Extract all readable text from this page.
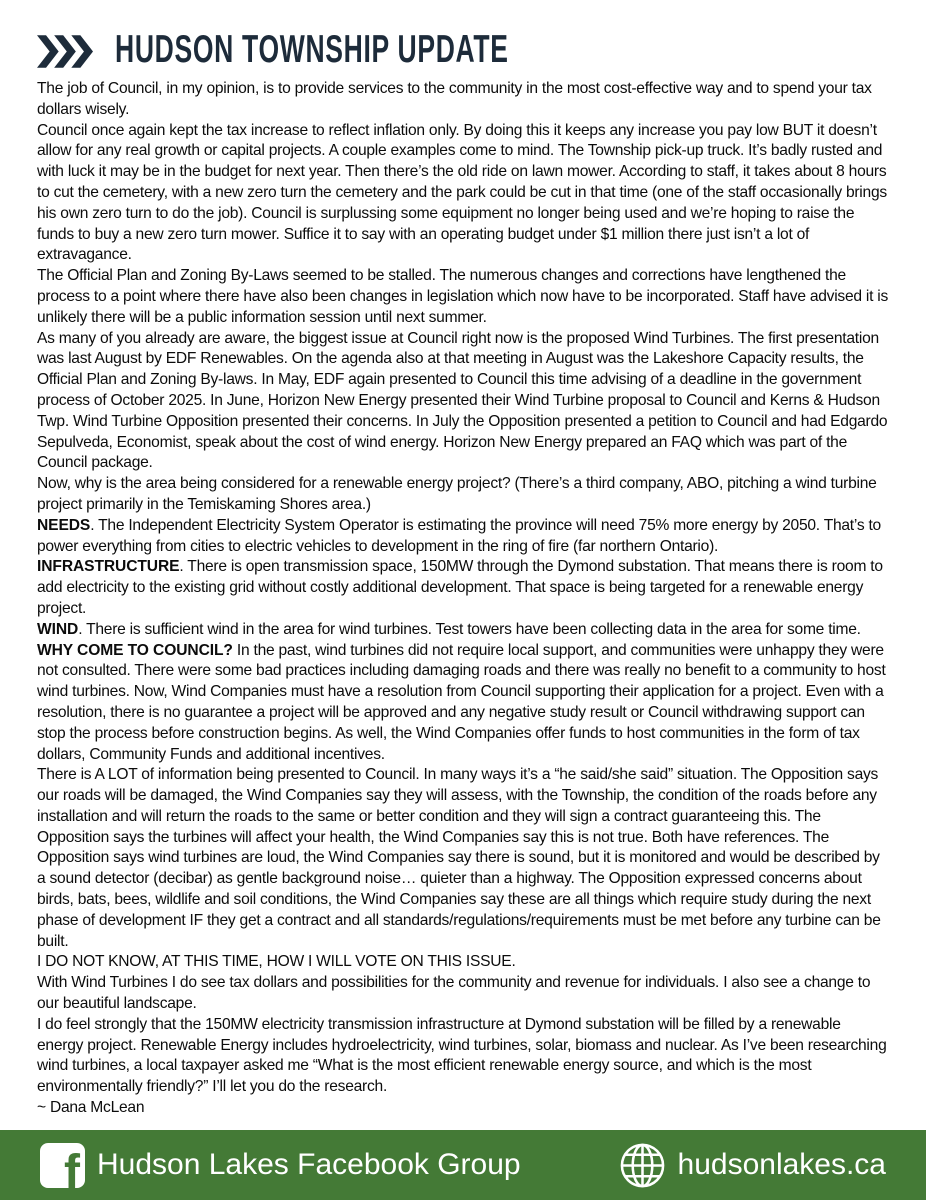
HUDSON TOWNSHIP UPDATE

The job of Council, in my opinion, is to provide services to the community in the most cost-effective way and to spend your tax dollars wisely.

Council once again kept the tax increase to reflect inflation only. By doing this it keeps any increase you pay low BUT it doesn’t allow for any real growth or capital projects. A couple examples come to mind. The Township pick-up truck. It’s badly rusted and with luck it may be in the budget for next year. Then there’s the old ride on lawn mower. According to staff, it takes about 8 hours to cut the cemetery, with a new zero turn the cemetery and the park could be cut in that time (one of the staff occasionally brings his own zero turn to do the job). Council is surplussing some equipment no longer being used and we’re hoping to raise the funds to buy a new zero turn mower. Suffice it to say with an operating budget under $1 million there just isn’t a lot of extravagance.

The Official Plan and Zoning By-Laws seemed to be stalled. The numerous changes and corrections have lengthened the process to a point where there have also been changes in legislation which now have to be incorporated. Staff have advised it is unlikely there will be a public information session until next summer.

As many of you already are aware, the biggest issue at Council right now is the proposed Wind Turbines. The first presentation was last August by EDF Renewables. On the agenda also at that meeting in August was the Lakeshore Capacity results, the Official Plan and Zoning By-laws. In May, EDF again presented to Council this time advising of a deadline in the government process of October 2025. In June, Horizon New Energy presented their Wind Turbine proposal to Council and Kerns & Hudson Twp. Wind Turbine Opposition presented their concerns. In July the Opposition presented a petition to Council and had Edgardo Sepulveda, Economist, speak about the cost of wind energy. Horizon New Energy prepared an FAQ which was part of the Council package.

Now, why is the area being considered for a renewable energy project? (There’s a third company, ABO, pitching a wind turbine project primarily in the Temiskaming Shores area.)

NEEDS. The Independent Electricity System Operator is estimating the province will need 75% more energy by 2050. That’s to power everything from cities to electric vehicles to development in the ring of fire (far northern Ontario).

INFRASTRUCTURE. There is open transmission space, 150MW through the Dymond substation. That means there is room to add electricity to the existing grid without costly additional development. That space is being targeted for a renewable energy project.

WIND. There is sufficient wind in the area for wind turbines. Test towers have been collecting data in the area for some time.

WHY COME TO COUNCIL? In the past, wind turbines did not require local support, and communities were unhappy they were not consulted. There were some bad practices including damaging roads and there was really no benefit to a community to host wind turbines. Now, Wind Companies must have a resolution from Council supporting their application for a project. Even with a resolution, there is no guarantee a project will be approved and any negative study result or Council withdrawing support can stop the process before construction begins. As well, the Wind Companies offer funds to host communities in the form of tax dollars, Community Funds and additional incentives.

There is A LOT of information being presented to Council. In many ways it’s a “he said/she said” situation. The Opposition says our roads will be damaged, the Wind Companies say they will assess, with the Township, the condition of the roads before any installation and will return the roads to the same or better condition and they will sign a contract guaranteeing this. The Opposition says the turbines will affect your health, the Wind Companies say this is not true. Both have references. The Opposition says wind turbines are loud, the Wind Companies say there is sound, but it is monitored and would be described by a sound detector (decibar) as gentle background noise… quieter than a highway. The Opposition expressed concerns about birds, bats, bees, wildlife and soil conditions, the Wind Companies say these are all things which require study during the next phase of development IF they get a contract and all standards/regulations/requirements must be met before any turbine can be built.

I DO NOT KNOW, AT THIS TIME, HOW I WILL VOTE ON THIS ISSUE.

With Wind Turbines I do see tax dollars and possibilities for the community and revenue for individuals. I also see a change to our beautiful landscape.

I do feel strongly that the 150MW electricity transmission infrastructure at Dymond substation will be filled by a renewable energy project. Renewable Energy includes hydroelectricity, wind turbines, solar, biomass and nuclear. As I’ve been researching wind turbines, a local taxpayer asked me “What is the most efficient renewable energy source, and which is the most environmentally friendly?” I’ll let you do the research.

~ Dana McLean

f Hudson Lakes Facebook Group	hudsonlakes.ca
